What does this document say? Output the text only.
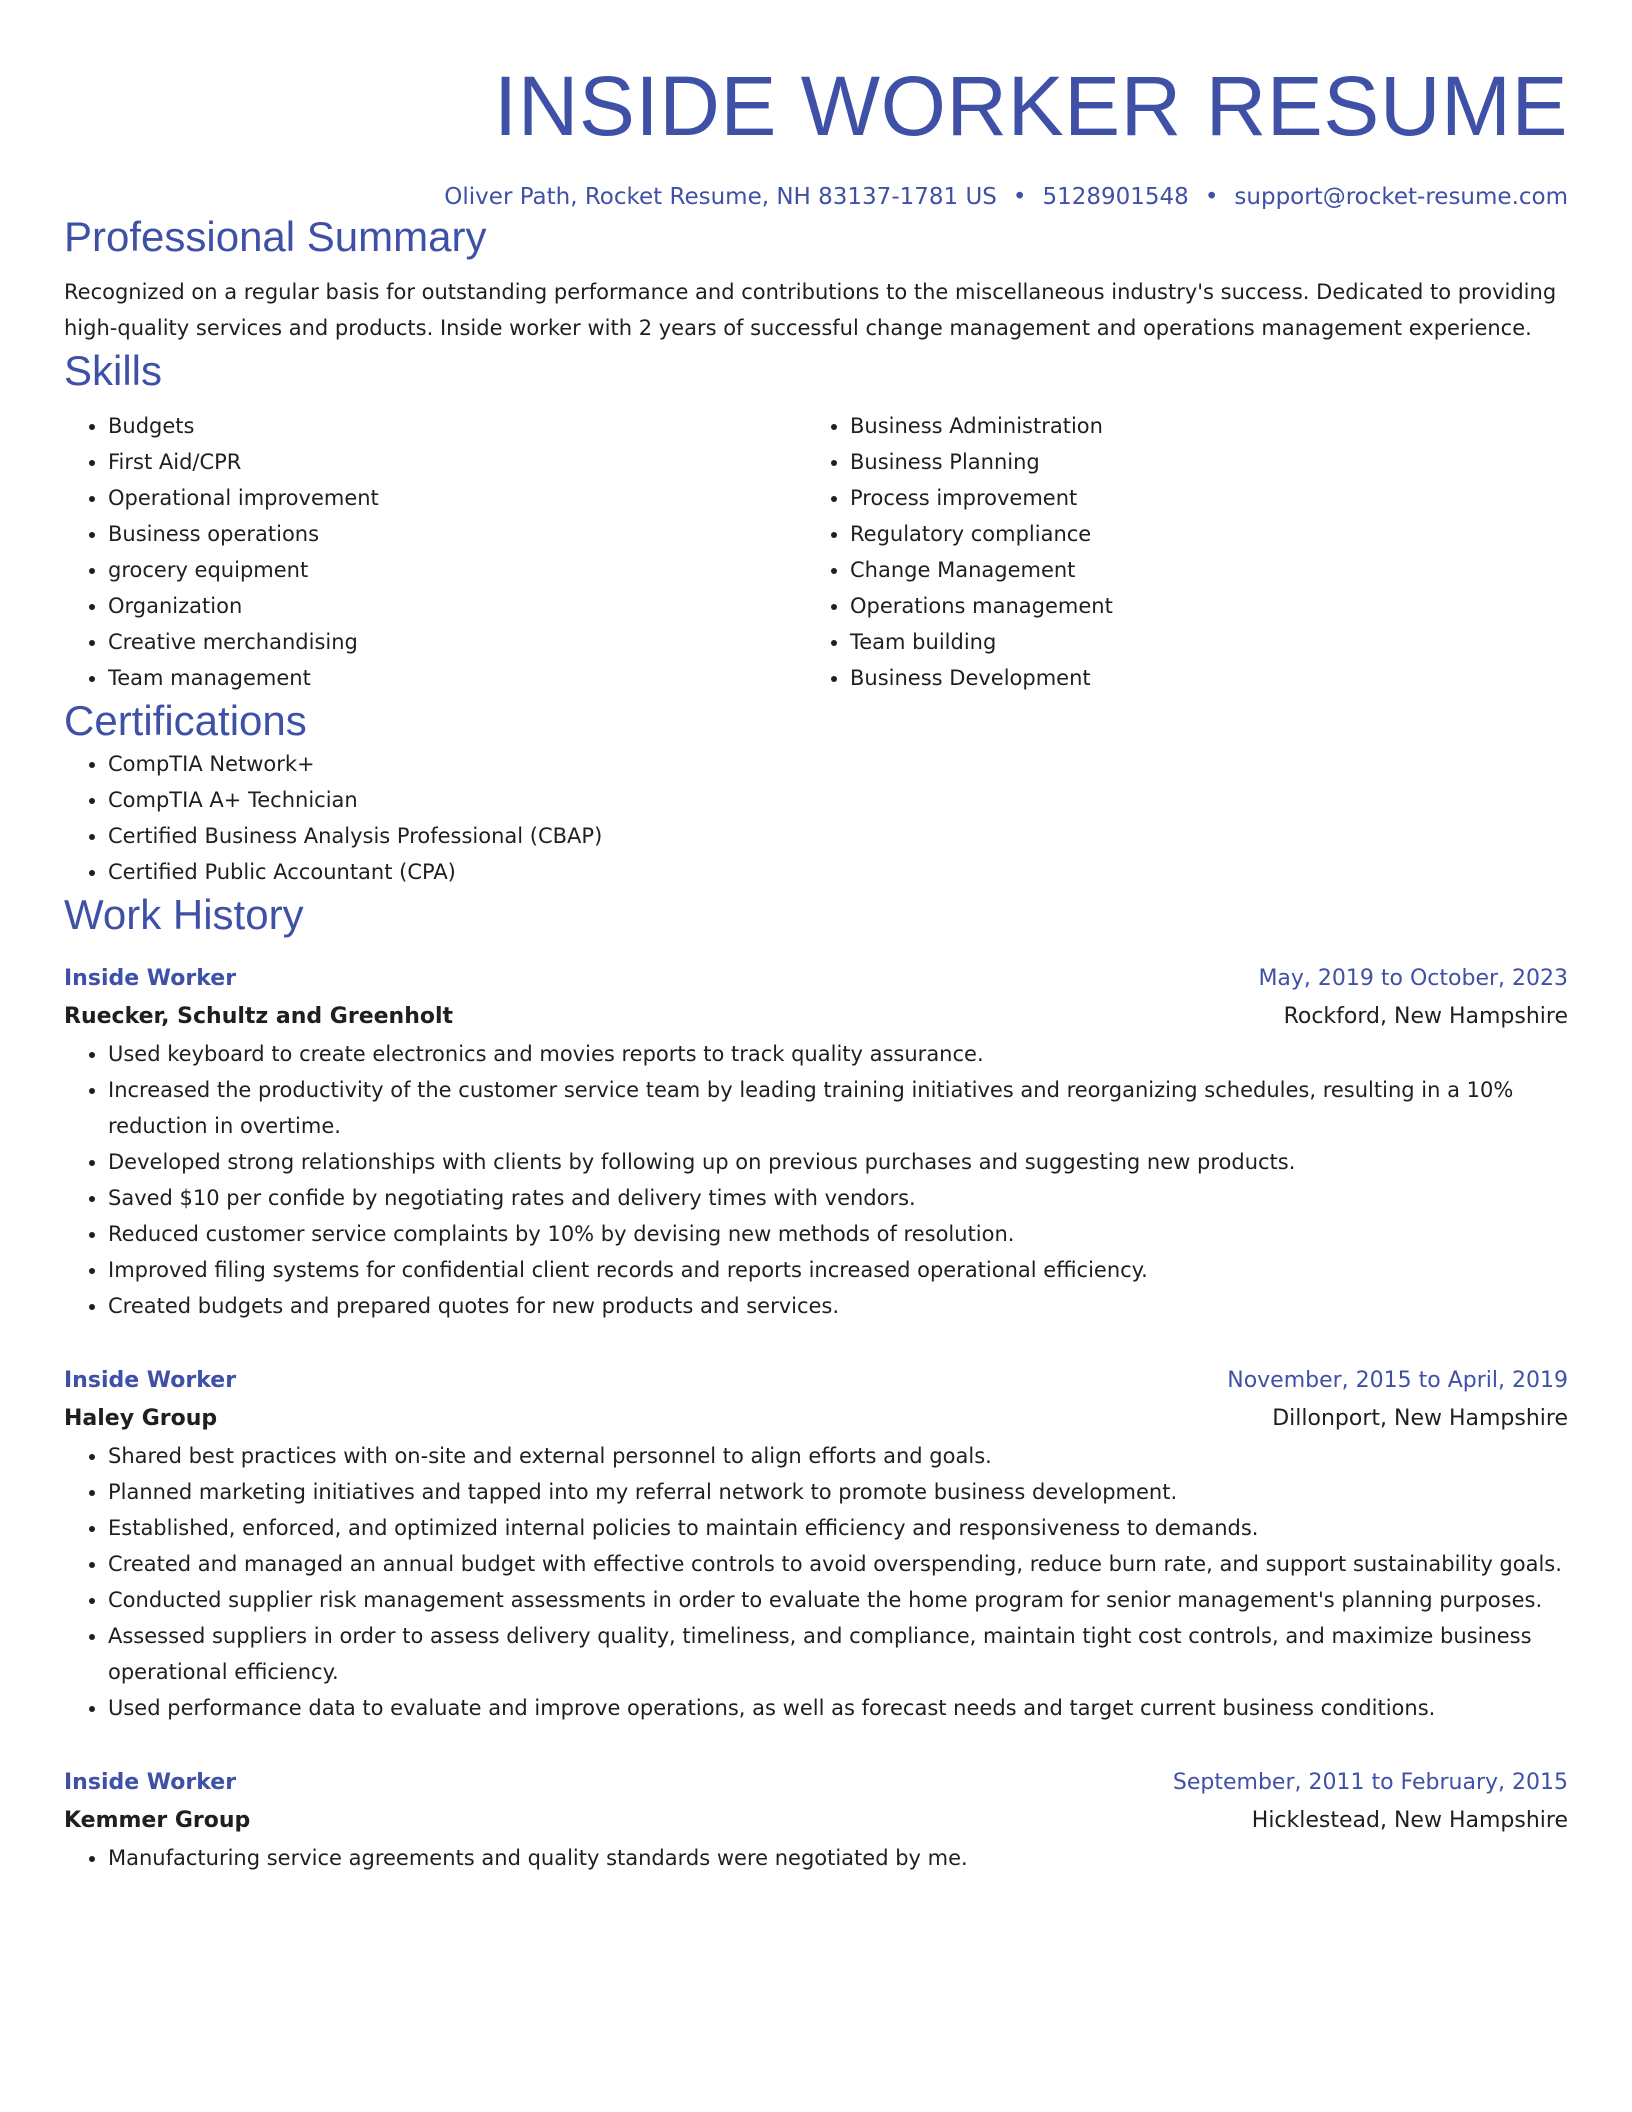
INSIDE WORKER RESUME
Oliver Path, Rocket Resume, NH 83137-1781 US • 5128901548 • support@rocket-resume.com
Professional Summary
Recognized on a regular basis for outstanding performance and contributions to the miscellaneous industry's success. Dedicated to providing high-quality services and products. Inside worker with 2 years of successful change management and operations management experience.
Skills
• Budgets
• First Aid/CPR
• Operational improvement
• Business operations
• grocery equipment
• Organization
• Creative merchandising
• Team management
• Business Administration
• Business Planning
• Process improvement
• Regulatory compliance
• Change Management
• Operations management
• Team building
• Business Development
Certifications
• CompTIA Network+
• CompTIA A+ Technician
• Certified Business Analysis Professional (CBAP)
• Certified Public Accountant (CPA)
Work History
Inside Worker	May, 2019 to October, 2023
Ruecker, Schultz and Greenholt	Rockford, New Hampshire
• Used keyboard to create electronics and movies reports to track quality assurance.
• Increased the productivity of the customer service team by leading training initiatives and reorganizing schedules, resulting in a 10% reduction in overtime.
• Developed strong relationships with clients by following up on previous purchases and suggesting new products.
• Saved $10 per confide by negotiating rates and delivery times with vendors.
• Reduced customer service complaints by 10% by devising new methods of resolution.
• Improved filing systems for confidential client records and reports increased operational efficiency.
• Created budgets and prepared quotes for new products and services.
Inside Worker	November, 2015 to April, 2019
Haley Group	Dillonport, New Hampshire
• Shared best practices with on-site and external personnel to align efforts and goals.
• Planned marketing initiatives and tapped into my referral network to promote business development.
• Established, enforced, and optimized internal policies to maintain efficiency and responsiveness to demands.
• Created and managed an annual budget with effective controls to avoid overspending, reduce burn rate, and support sustainability goals.
• Conducted supplier risk management assessments in order to evaluate the home program for senior management's planning purposes.
• Assessed suppliers in order to assess delivery quality, timeliness, and compliance, maintain tight cost controls, and maximize business operational efficiency.
• Used performance data to evaluate and improve operations, as well as forecast needs and target current business conditions.
Inside Worker	September, 2011 to February, 2015
Kemmer Group	Hicklestead, New Hampshire
• Manufacturing service agreements and quality standards were negotiated by me.
